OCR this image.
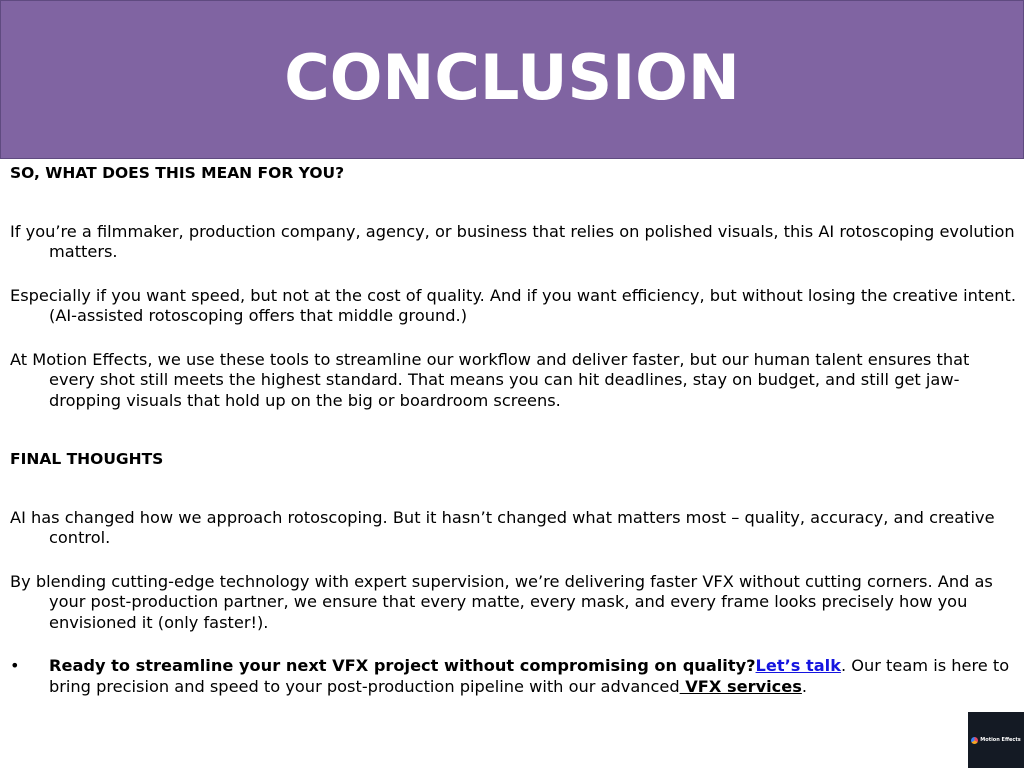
CONCLUSION

SO, WHAT DOES THIS MEAN FOR YOU?

If you’re a filmmaker, production company, agency, or business that relies on polished visuals, this AI rotoscoping evolution matters.

Especially if you want speed, but not at the cost of quality. And if you want efficiency, but without losing the creative intent. (AI-assisted rotoscoping offers that middle ground.)

At Motion Effects, we use these tools to streamline our workflow and deliver faster, but our human talent ensures that every shot still meets the highest standard. That means you can hit deadlines, stay on budget, and still get jaw-dropping visuals that hold up on the big or boardroom screens.

FINAL THOUGHTS

AI has changed how we approach rotoscoping. But it hasn’t changed what matters most – quality, accuracy, and creative control.

By blending cutting-edge technology with expert supervision, we’re delivering faster VFX without cutting corners. And as your post-production partner, we ensure that every matte, every mask, and every frame looks precisely how you envisioned it (only faster!).

• Ready to streamline your next VFX project without compromising on quality?Let’s talk. Our team is here to bring precision and speed to your post-production pipeline with our advanced VFX services.

Motion Effects
